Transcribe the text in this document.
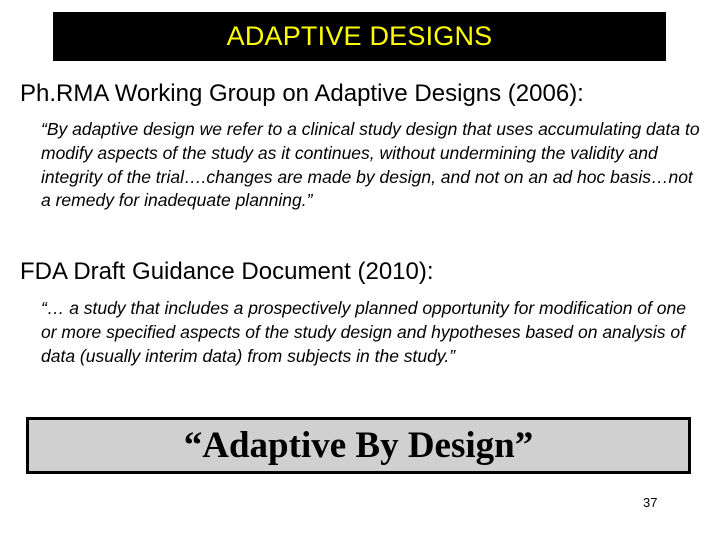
ADAPTIVE DESIGNS
Ph.RMA Working Group on Adaptive Designs (2006):
“By adaptive design we refer to a clinical study design that uses accumulating data to modify aspects of the study as it continues, without undermining the validity and integrity of the trial….changes are made by design, and not on an ad hoc basis…not a remedy for inadequate planning.”
FDA Draft Guidance Document (2010):
“… a study that includes a prospectively planned opportunity for modification of one or more specified aspects of the study design and hypotheses based on analysis of data (usually interim data) from subjects in the study.”
“Adaptive By Design”
37
